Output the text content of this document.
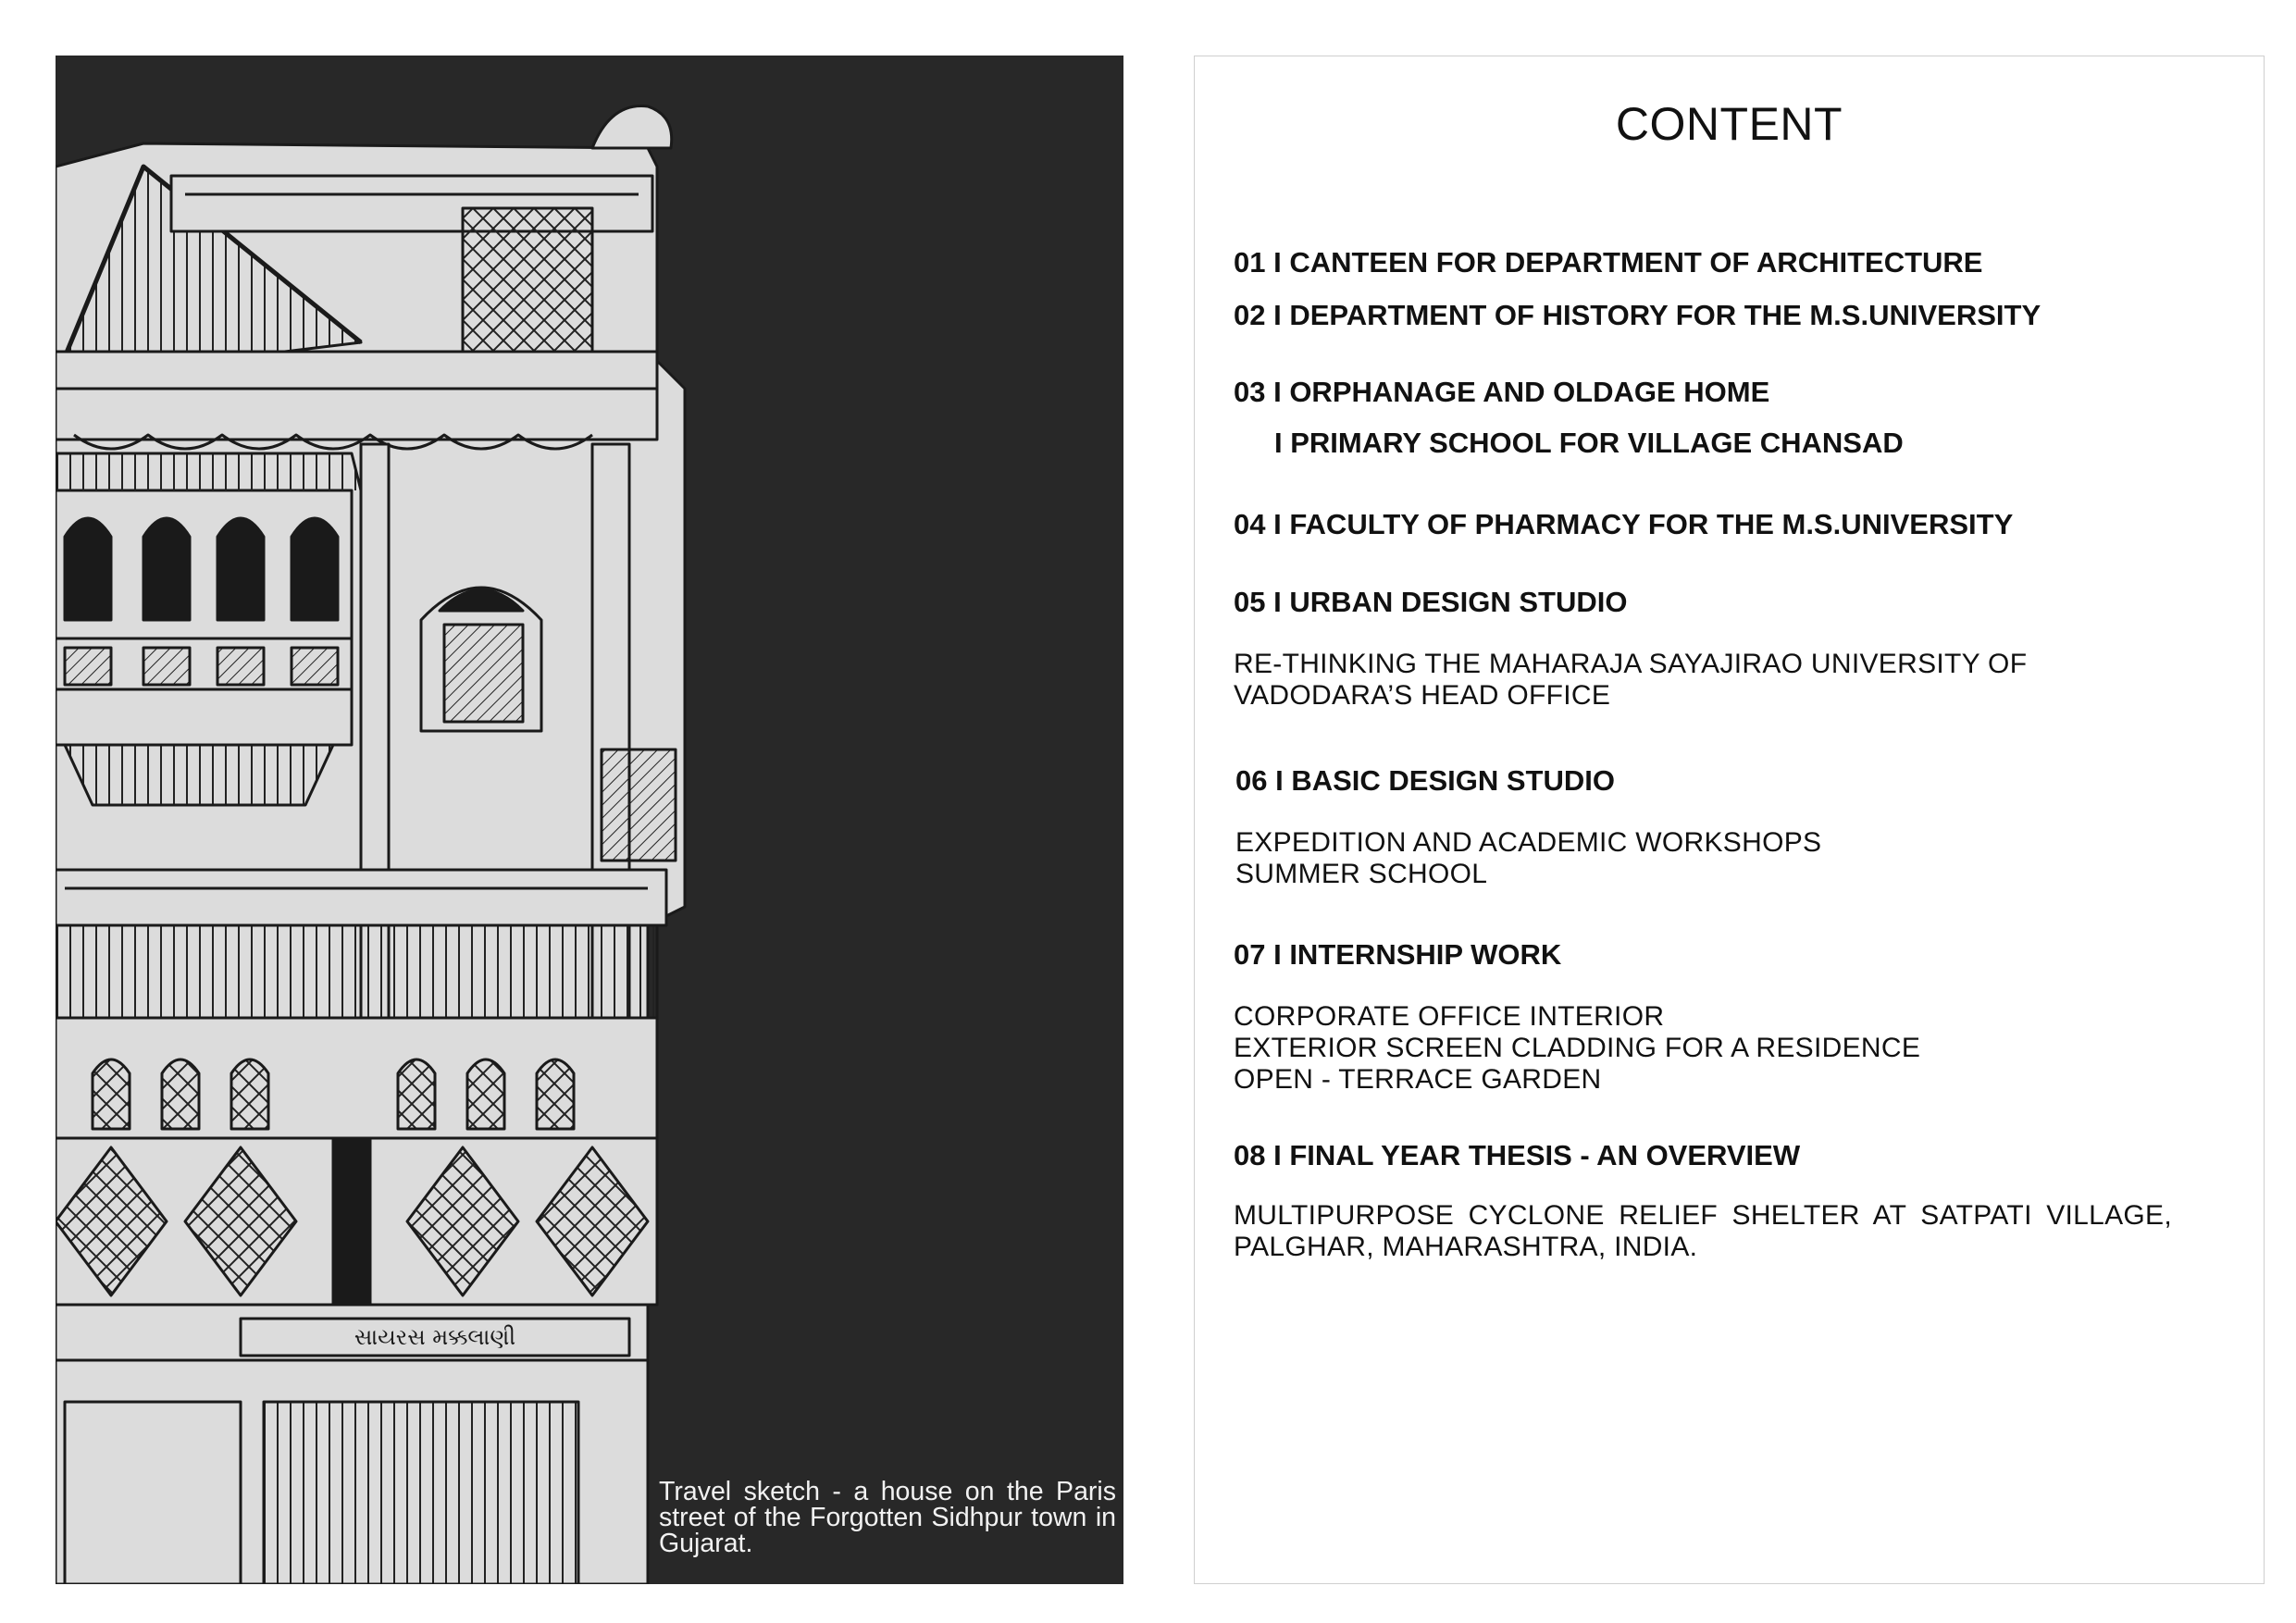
સાયરસ મક્કલાણી
Travel sketch - a house on the Paris street of the Forgotten Sidhpur town in Gujarat.
CONTENT
01 I CANTEEN FOR DEPARTMENT OF ARCHITECTURE
02 I DEPARTMENT OF HISTORY FOR THE M.S.UNIVERSITY
03 I ORPHANAGE AND OLDAGE HOME
I PRIMARY SCHOOL FOR VILLAGE CHANSAD
04 I FACULTY OF PHARMACY FOR THE M.S.UNIVERSITY
05 I URBAN DESIGN STUDIO
RE-THINKING THE MAHARAJA SAYAJIRAO UNIVERSITY OF
VADODARA’S HEAD OFFICE
06 I BASIC DESIGN STUDIO
EXPEDITION AND ACADEMIC WORKSHOPS
SUMMER SCHOOL
07 I INTERNSHIP WORK
CORPORATE OFFICE INTERIOR
EXTERIOR SCREEN CLADDING FOR A RESIDENCE
OPEN - TERRACE GARDEN
08 I FINAL YEAR THESIS - AN OVERVIEW
MULTIPURPOSE CYCLONE RELIEF SHELTER AT SATPATI VILLAGE, PALGHAR, MAHARASHTRA, INDIA.
